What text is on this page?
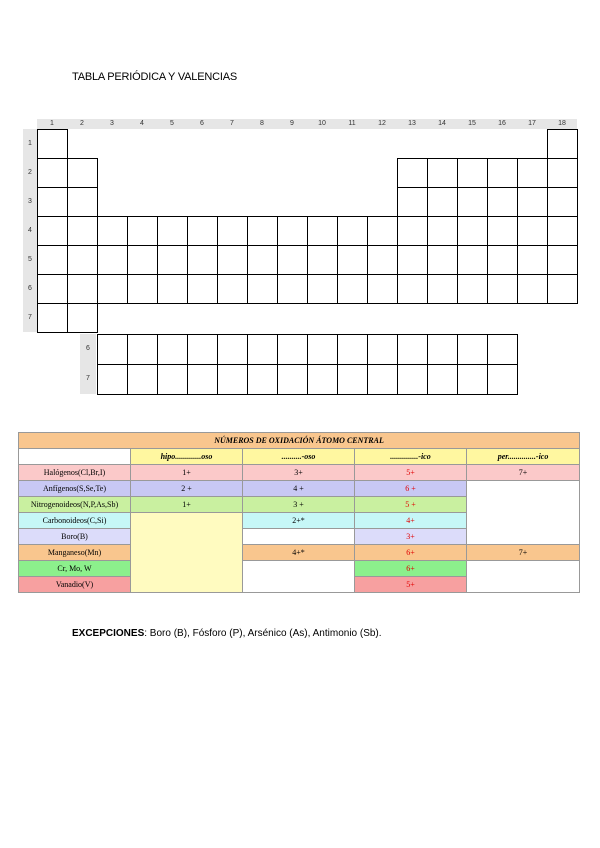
TABLA PERIÓDICA Y VALENCIAS
1	2	3	4	5	6	7	8	9	10	11	12	13	14	15	16	17	18
1
2
3
4
5
6
7
6
7
NÚMEROS DE OXIDACIÓN ÁTOMO CENTRAL				
	hipo.............oso	..........-oso	..............-ico	per..............-ico
Halógenos(Cl,Br,I)	1+	3+	5+	7+
Anfígenos(S,Se,Te)	2 +	4 +	6 +	
Nitrogenoideos(N,P,As,Sb)	1+	3 +	5 +	
Carbonoideos(C,Si)		2+*	4+	
Boro(B)			3+	
Manganeso(Mn)		4+*	6+	7+
Cr, Mo, W			6+	
Vanadio(V)			5+	
EXCEPCIONES: Boro (B), Fósforo (P), Arsénico (As), Antimonio (Sb).
